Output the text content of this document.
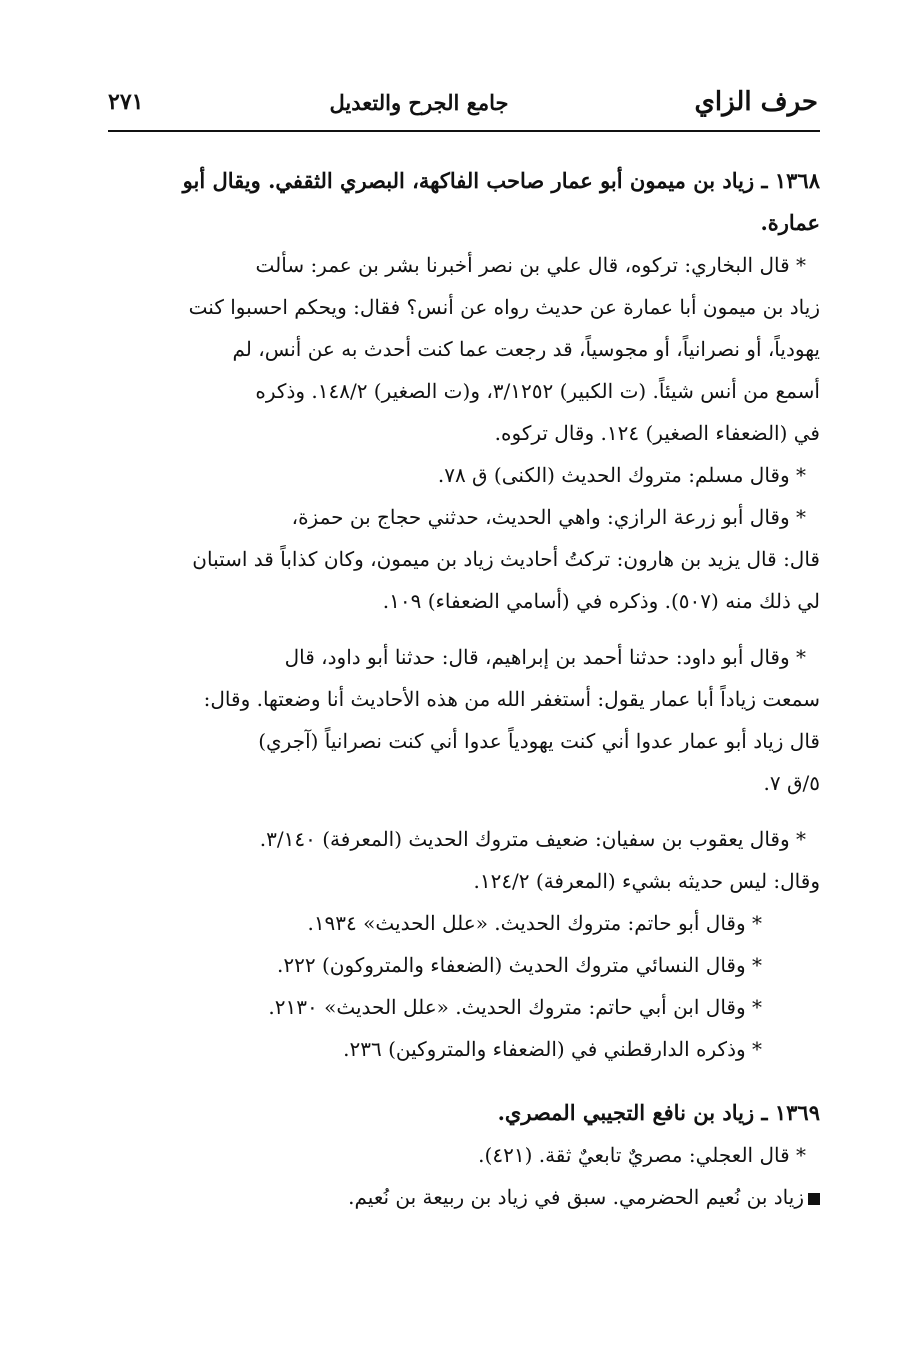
حرف الزاي
جامع الجرح والتعديل
٢٧١
١٣٦٨ ـ زياد بن ميمون أبو عمار صاحب الفاكهة، البصري الثقفي. ويقال أبو
عمارة.
* قال البخاري: تركوه، قال علي بن نصر أخبرنا بشر بن عمر: سألت
زياد بن ميمون أبا عمارة عن حديث رواه عن أنس؟ فقال: ويحكم احسبوا كنت
يهودياً، أو نصرانياً، أو مجوسياً، قد رجعت عما كنت أحدث به عن أنس، لم
أسمع من أنس شيئاً. (ت الكبير) ٣/١٢٥٢، و(ت الصغير) ١٤٨/٢. وذكره
في (الضعفاء الصغير) ١٢٤. وقال تركوه.
* وقال مسلم: متروك الحديث (الكنى) ق ٧٨.
* وقال أبو زرعة الرازي: واهي الحديث، حدثني حجاج بن حمزة،
قال: قال يزيد بن هارون: تركتُ أحاديث زياد بن ميمون، وكان كذاباً قد استبان
لي ذلك منه (٥٠٧). وذكره في (أسامي الضعفاء) ١٠٩.
* وقال أبو داود: حدثنا أحمد بن إبراهيم، قال: حدثنا أبو داود، قال
سمعت زياداً أبا عمار يقول: أستغفر الله من هذه الأحاديث أنا وضعتها. وقال:
قال زياد أبو عمار عدوا أني كنت يهودياً عدوا أني كنت نصرانياً (آجري)
٥/ق ٧.
* وقال يعقوب بن سفيان: ضعيف متروك الحديث (المعرفة) ٣/١٤٠.
وقال: ليس حديثه بشيء (المعرفة) ١٢٤/٢.
* وقال أبو حاتم: متروك الحديث. «علل الحديث» ١٩٣٤.
* وقال النسائي متروك الحديث (الضعفاء والمتروكون) ٢٢٢.
* وقال ابن أبي حاتم: متروك الحديث. «علل الحديث» ٢١٣٠.
* وذكره الدارقطني في (الضعفاء والمتروكين) ٢٣٦.
١٣٦٩ ـ زياد بن نافع التجيبي المصري.
* قال العجلي: مصريٌ تابعيٌ ثقة. (٤٢١).
زياد بن نُعيم الحضرمي. سبق في زياد بن ربيعة بن نُعيم.
